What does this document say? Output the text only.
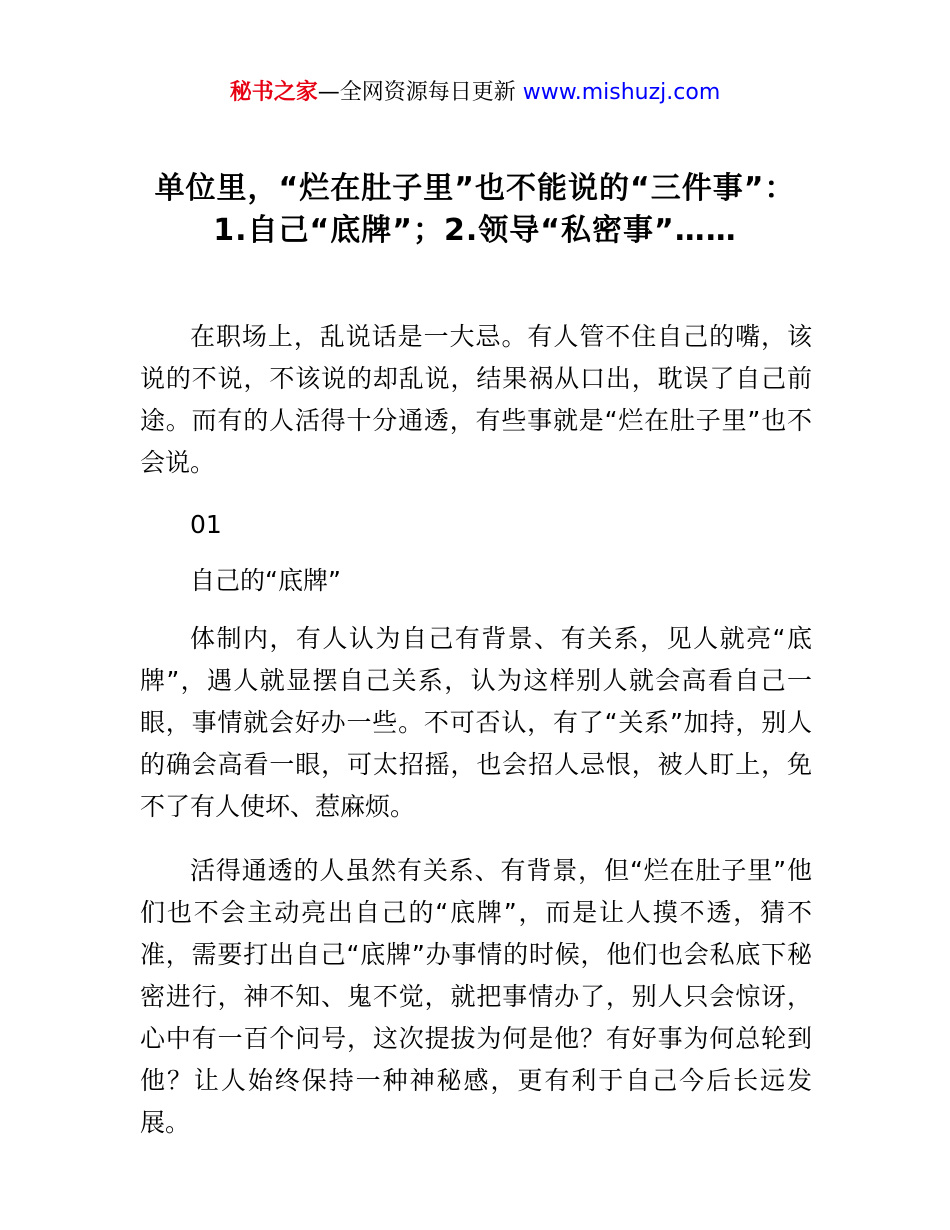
秘书之家—全网资源每日更新 www.mishuzj.com
单位里，“烂在肚子里”也不能说的“三件事”：1.自己“底牌”；2.领导“私密事”……

在职场上，乱说话是一大忌。有人管不住自己的嘴，该说的不说，不该说的却乱说，结果祸从口出，耽误了自己前途。而有的人活得十分通透，有些事就是“烂在肚子里”也不会说。

01

自己的“底牌”

体制内，有人认为自己有背景、有关系，见人就亮“底牌”，遇人就显摆自己关系，认为这样别人就会高看自己一眼，事情就会好办一些。不可否认，有了“关系”加持，别人的确会高看一眼，可太招摇，也会招人忌恨，被人盯上，免不了有人使坏、惹麻烦。

活得通透的人虽然有关系、有背景，但“烂在肚子里”他们也不会主动亮出自己的“底牌”，而是让人摸不透，猜不准，需要打出自己“底牌”办事情的时候，他们也会私底下秘密进行，神不知、鬼不觉，就把事情办了，别人只会惊讶，心中有一百个问号，这次提拔为何是他？有好事为何总轮到他？让人始终保持一种神秘感，更有利于自己今后长远发展。
